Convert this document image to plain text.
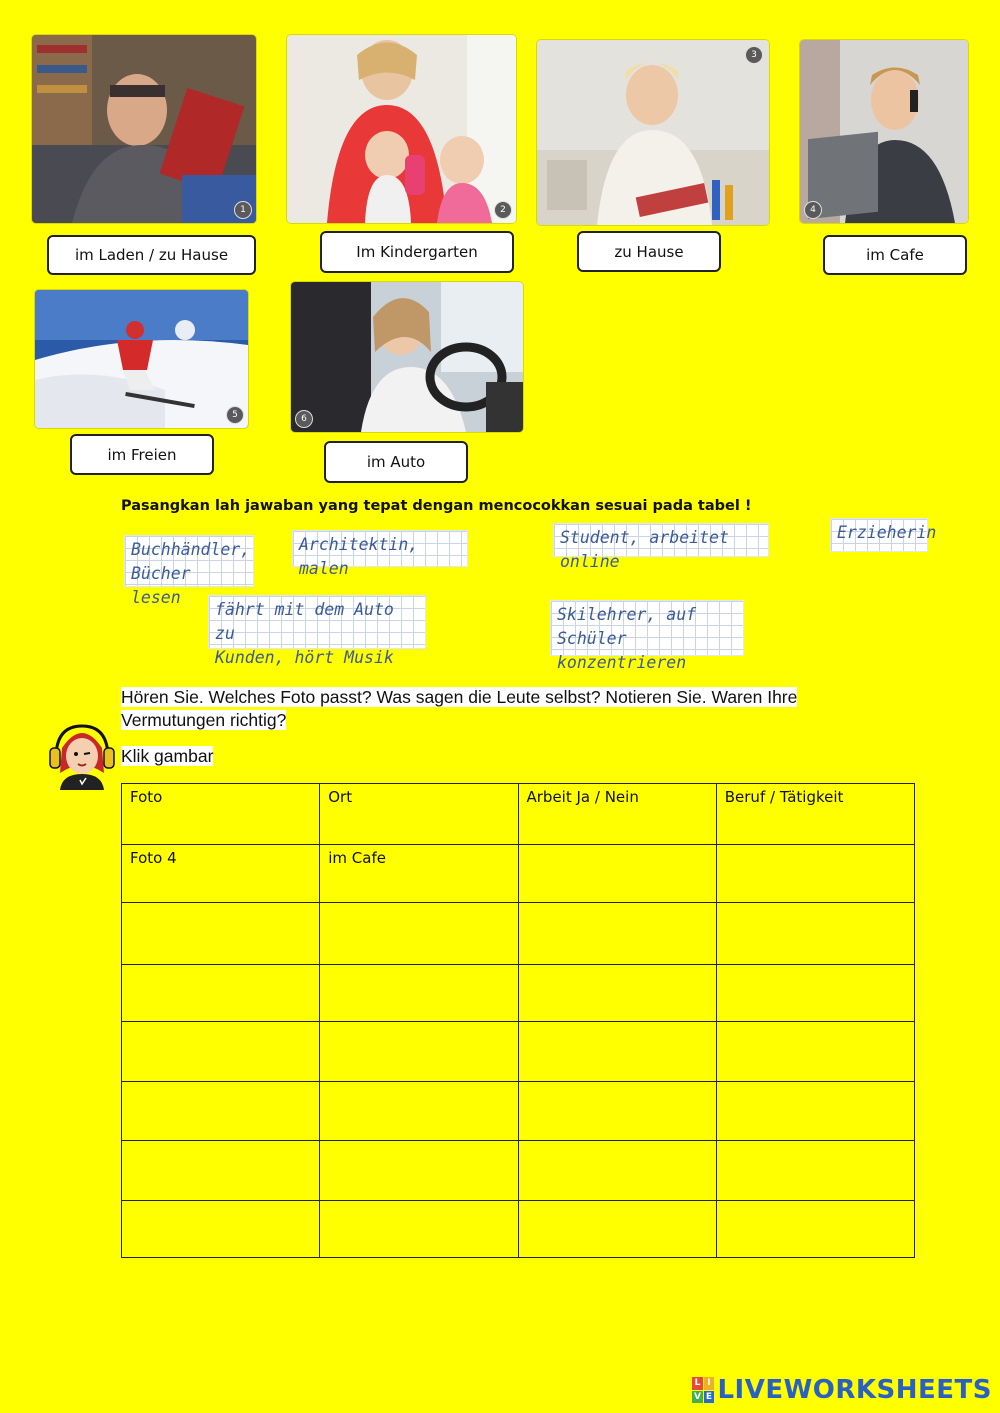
1	2
3
4
im Laden / zu Hause	Im Kindergarten	zu Hause	im Cafe
5	6
im Freien	im Auto
Pasangkan lah jawaban yang tepat dengan mencocokkan sesuai pada tabel !
Buchhändler,
Bücher lesen
Architektin, malen
Student, arbeitet online
Erzieherin
fährt mit dem Auto zu
Kunden, hört Musik
Skilehrer, auf Schüler
konzentrieren
Hören Sie. Welches Foto passt? Was sagen die Leute selbst? Notieren Sie. Waren Ihre
Vermutungen richtig?
Klik gambar
Foto	Ort	Arbeit Ja / Nein	Beruf / Tätigkeit
Foto 4	im Cafe		

L I
V E LIVEWORKSHEETS
